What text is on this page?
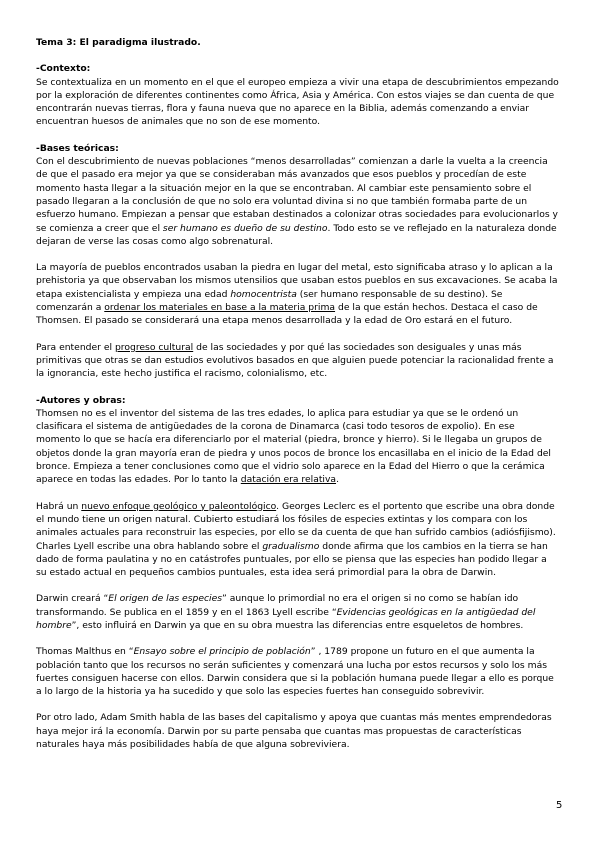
Tema 3: El paradigma ilustrado.
-Contexto:

Se contextualiza en un momento en el que el europeo empieza a vivir una etapa de descubrimientos empezando por la exploración de diferentes continentes como África, Asia y América. Con estos viajes se dan cuenta de que encontrarán nuevas tierras, flora y fauna nueva que no aparece en la Biblia, además comenzando a enviar encuentran huesos de animales que no son de ese momento.

-Bases teóricas:

Con el descubrimiento de nuevas poblaciones “menos desarrolladas” comienzan a darle la vuelta a la creencia de que el pasado era mejor ya que se consideraban más avanzados que esos pueblos y procedían de este momento hasta llegar a la situación mejor en la que se encontraban. Al cambiar este pensamiento sobre el pasado llegaran a la conclusión de que no solo era voluntad divina si no que también formaba parte de un esfuerzo humano. Empiezan a pensar que estaban destinados a colonizar otras sociedades para evolucionarlos y se comienza a creer que el ser humano es dueño de su destino. Todo esto se ve reflejado en la naturaleza donde dejaran de verse las cosas como algo sobrenatural.

La mayoría de pueblos encontrados usaban la piedra en lugar del metal, esto significaba atraso y lo aplican a la prehistoria ya que observaban los mismos utensilios que usaban estos pueblos en sus excavaciones. Se acaba la etapa existencialista y empieza una edad homocentrista (ser humano responsable de su destino). Se comenzarán a ordenar los materiales en base a la materia prima de la que están hechos. Destaca el caso de Thomsen. El pasado se considerará una etapa menos desarrollada y la edad de Oro estará en el futuro.

Para entender el progreso cultural de las sociedades y por qué las sociedades son desiguales y unas más primitivas que otras se dan estudios evolutivos basados en que alguien puede potenciar la racionalidad frente a la ignorancia, este hecho justifica el racismo, colonialismo, etc.

-Autores y obras:

Thomsen no es el inventor del sistema de las tres edades, lo aplica para estudiar ya que se le ordenó un clasificara el sistema de antigüedades de la corona de Dinamarca (casi todo tesoros de expolio). En ese momento lo que se hacía era diferenciarlo por el material (piedra, bronce y hierro). Si le llegaba un grupos de objetos donde la gran mayoría eran de piedra y unos pocos de bronce los encasillaba en el inicio de la Edad del bronce. Empieza a tener conclusiones como que el vidrio solo aparece en la Edad del Hierro o que la cerámica aparece en todas las edades. Por lo tanto la datación era relativa.

Habrá un nuevo enfoque geológico y paleontológico. Georges Leclerc es el portento que escribe una obra donde el mundo tiene un origen natural. Cubierto estudiará los fósiles de especies extintas y los compara con los animales actuales para reconstruir las especies, por ello se da cuenta de que han sufrido cambios (adiósfijismo). Charles Lyell escribe una obra hablando sobre el gradualismo donde afirma que los cambios en la tierra se han dado de forma paulatina y no en catástrofes puntuales, por ello se piensa que las especies han podido llegar a su estado actual en pequeños cambios puntuales, esta idea será primordial para la obra de Darwin.

Darwin creará “El origen de las especies” aunque lo primordial no era el origen si no como se habían ido transformando. Se publica en el 1859 y en el 1863 Lyell escribe “Evidencias geológicas en la antigüedad del hombre”, esto influirá en Darwin ya que en su obra muestra las diferencias entre esqueletos de hombres.

Thomas Malthus en “Ensayo sobre el principio de población” , 1789 propone un futuro en el que aumenta la población tanto que los recursos no serán suficientes y comenzará una lucha por estos recursos y solo los más fuertes consiguen hacerse con ellos. Darwin considera que si la población humana puede llegar a ello es porque a lo largo de la historia ya ha sucedido y que solo las especies fuertes han conseguido sobrevivir.

Por otro lado, Adam Smith habla de las bases del capitalismo y apoya que cuantas más mentes emprendedoras haya mejor irá la economía. Darwin por su parte pensaba que cuantas mas propuestas de características naturales haya más posibilidades había de que alguna sobreviviera.

5
